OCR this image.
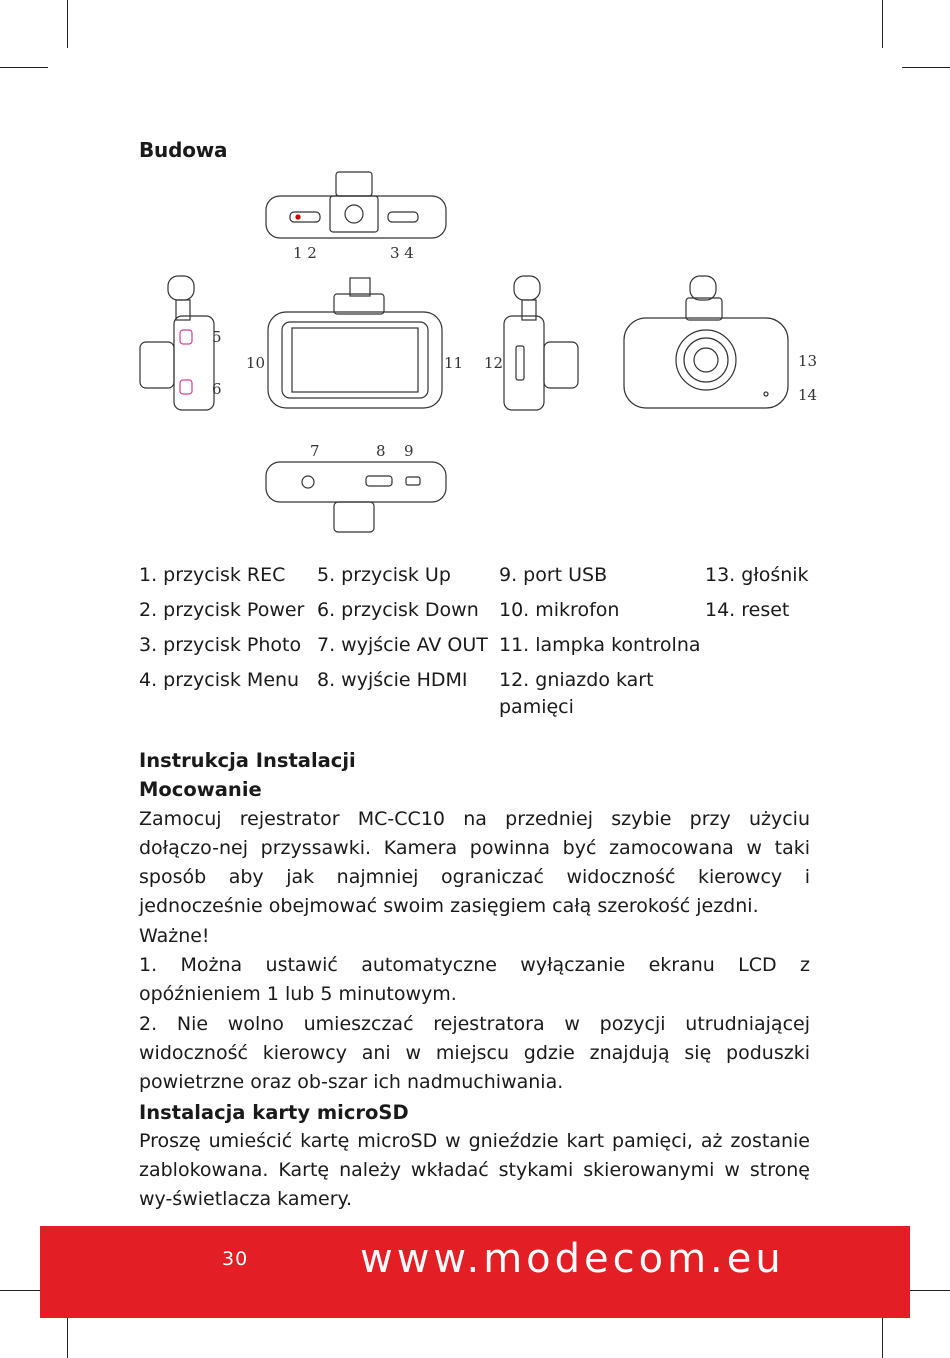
Budowa
1 2	3 4
5
6
10	11 12	13
14
7	8 9
1. przycisk REC	5. przycisk Up	9. port USB	13. głośnik
2. przycisk Power 6. przycisk Down	10. mikrofon	14. reset
3. przycisk Photo 7. wyjście AV OUT 11. lampka kontrolna
4. przycisk Menu 8. wyjście HDMI	12. gniazdo kart pamięci
Instrukcja Instalacji
Mocowanie

Zamocuj rejestrator MC-CC10 na przedniej szybie przy użyciu dołączo-nej przyssawki. Kamera powinna być zamocowana w taki sposób aby jak najmniej ograniczać widoczność kierowcy i jednocześnie obejmować swoim zasięgiem całą szerokość jezdni.

Ważne!

1. Można ustawić automatyczne wyłączanie ekranu LCD z opóźnieniem 1 lub 5 minutowym.

2. Nie wolno umieszczać rejestratora w pozycji utrudniającej widoczność kierowcy ani w miejscu gdzie znajdują się poduszki powietrzne oraz ob-szar ich nadmuchiwania.

Instalacja karty microSD

Proszę umieścić kartę microSD w gnieździe kart pamięci, aż zostanie zablokowana. Kartę należy wkładać stykami skierowanymi w stronę wy-świetlacza kamery.

30	www.modecom.eu
